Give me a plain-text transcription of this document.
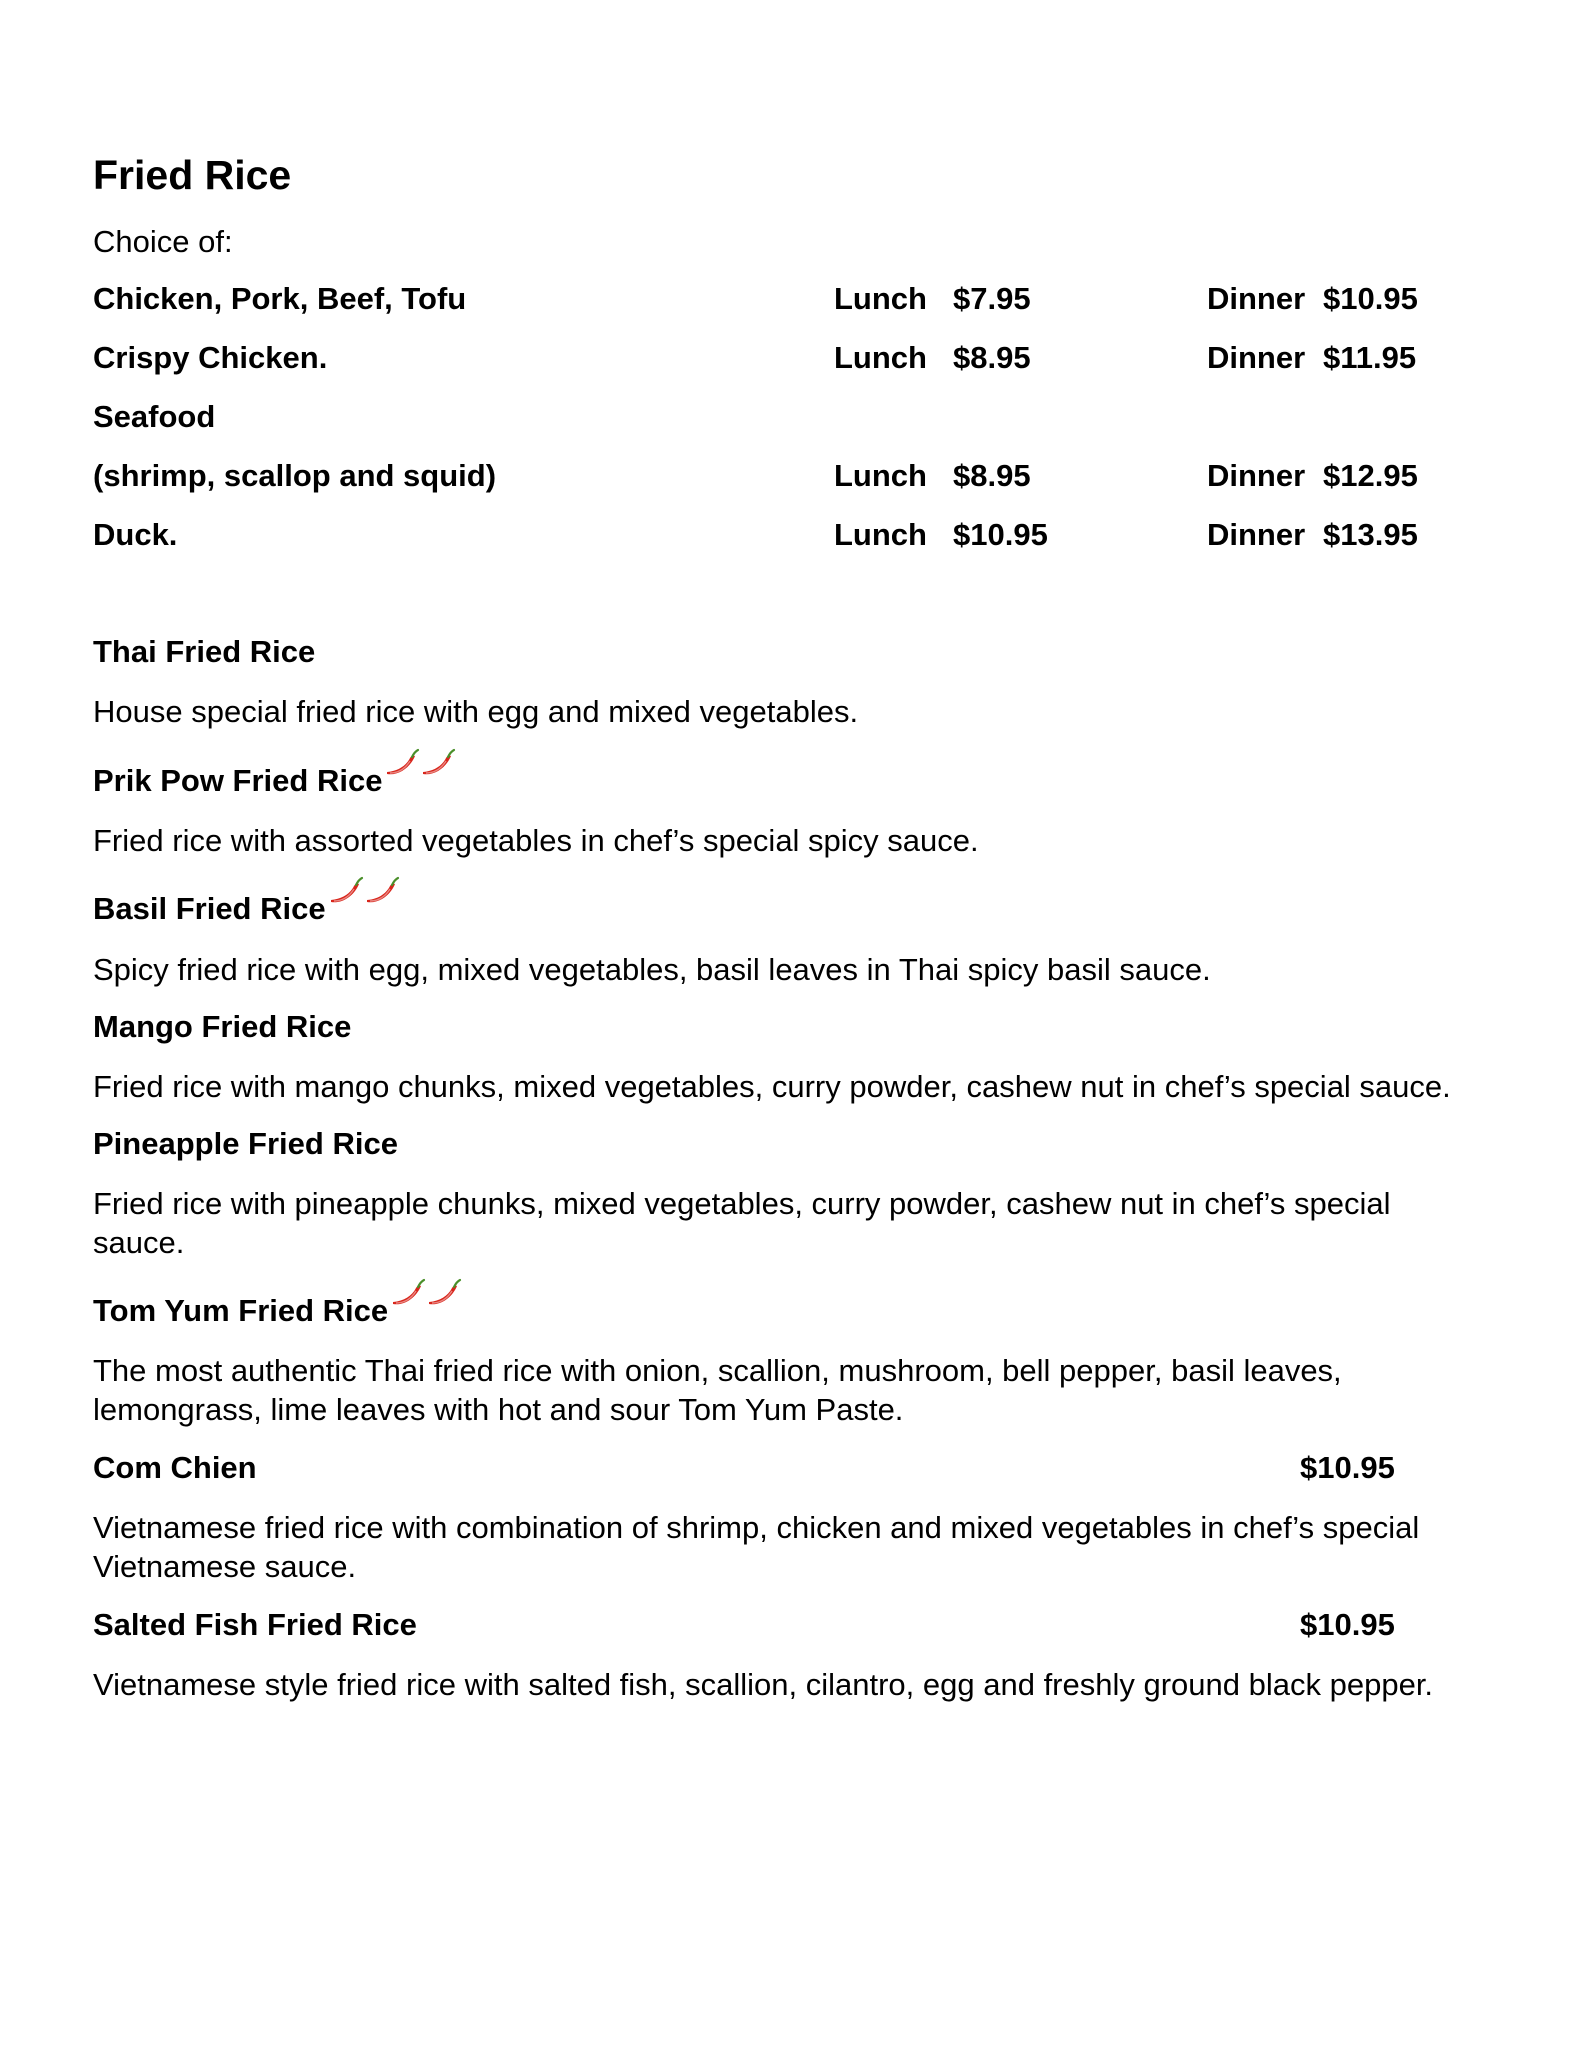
Fried Rice
Choice of:
Chicken, Pork, Beef, Tofu	Lunch $7.95	Dinner $10.95
Crispy Chicken.	Lunch $8.95	Dinner $11.95
Seafood
(shrimp, scallop and squid)	Lunch $8.95	Dinner $12.95
Duck.	Lunch $10.95	Dinner $13.95
Thai Fried Rice
House special fried rice with egg and mixed vegetables.
Prik Pow Fried Rice
Fried rice with assorted vegetables in chef’s special spicy sauce.
Basil Fried Rice
Spicy fried rice with egg, mixed vegetables, basil leaves in Thai spicy basil sauce.
Mango Fried Rice
Fried rice with mango chunks, mixed vegetables, curry powder, cashew nut in chef’s special sauce.
Pineapple Fried Rice
Fried rice with pineapple chunks, mixed vegetables, curry powder, cashew nut in chef’s special sauce.
Tom Yum Fried Rice
The most authentic Thai fried rice with onion, scallion, mushroom, bell pepper, basil leaves, lemongrass, lime leaves with hot and sour Tom Yum Paste.
Com Chien	$10.95
Vietnamese fried rice with combination of shrimp, chicken and mixed vegetables in chef’s special Vietnamese sauce.
Salted Fish Fried Rice	$10.95
Vietnamese style fried rice with salted fish, scallion, cilantro, egg and freshly ground black pepper.
